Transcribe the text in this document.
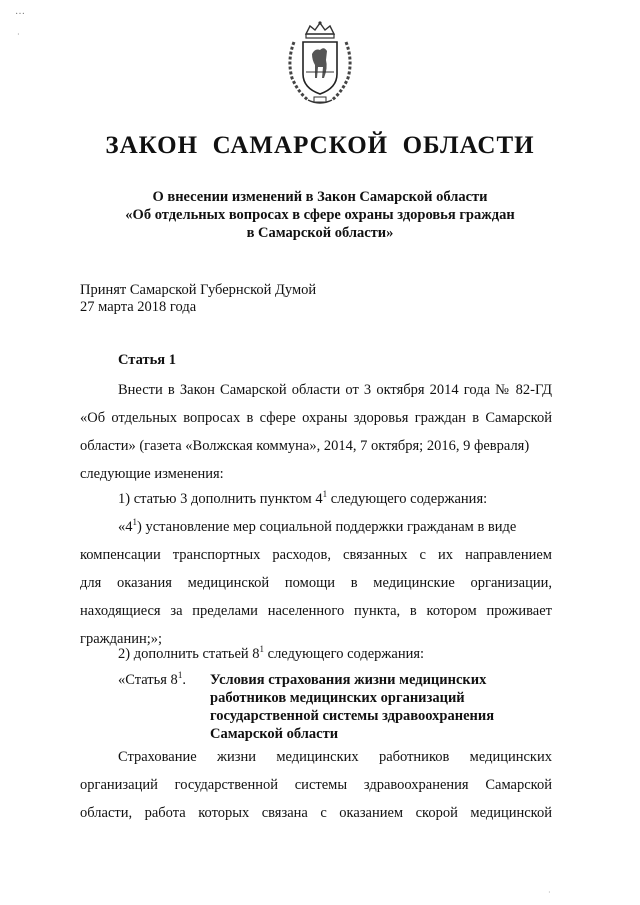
…
·
ЗАКОН  САМАРСКОЙ  ОБЛАСТИ
О внесении изменений в Закон Самарской области
«Об отдельных вопросах в сфере охраны здоровья граждан
в Самарской области»
Принят Самарской Губернской Думой
27 марта 2018 года
Статья 1
Внести в Закон Самарской области от 3 октября 2014 года № 82-ГД
«Об отдельных вопросах в сфере охраны здоровья граждан в Самарской
области» (газета «Волжская коммуна», 2014, 7 октября; 2016, 9 февраля)
следующие изменения:
1) статью 3 дополнить пунктом $4^1$ следующего содержания:
«$4^1$) установление мер социальной поддержки гражданам в виде
компенсации транспортных расходов, связанных с их направлением
для оказания медицинской помощи в медицинские организации,
находящиеся за пределами населенного пункта, в котором проживает
гражданин;»;
2) дополнить статьей $8^1$ следующего содержания:
«Статья $8^1$. Условия страхования жизни медицинских
работников медицинских организаций
государственной системы здравоохранения
Самарской области
Страхование жизни медицинских работников медицинских
организаций государственной системы здравоохранения Самарской
области, работа которых связана с оказанием скорой медицинской
·
